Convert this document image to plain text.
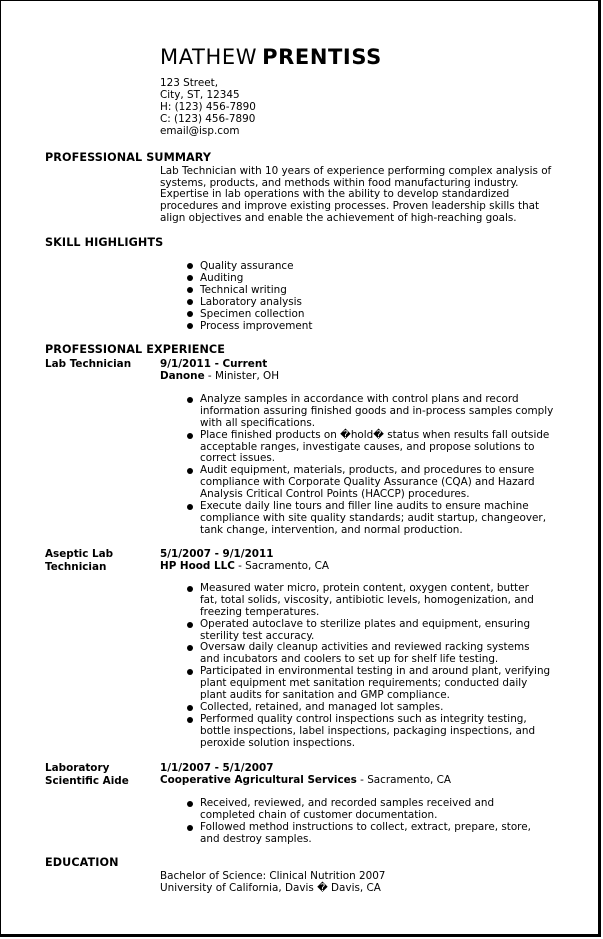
MATHEW PRENTISS
123 Street,
City, ST, 12345
H: (123) 456-7890
C: (123) 456-7890
email@isp.com
PROFESSIONAL SUMMARY
Lab Technician with 10 years of experience performing complex analysis of
systems, products, and methods within food manufacturing industry.
Expertise in lab operations with the ability to develop standardized
procedures and improve existing processes. Proven leadership skills that
align objectives and enable the achievement of high-reaching goals.
SKILL HIGHLIGHTS
Quality assurance
Auditing
Technical writing
Laboratory analysis
Specimen collection
Process improvement
PROFESSIONAL EXPERIENCE
Lab Technician	9/1/2011 - Current
Danone - Minister, OH
Analyze samples in accordance with control plans and record
information assuring finished goods and in-process samples comply
with all specifications.
Place finished products on �hold� status when results fall outside
acceptable ranges, investigate causes, and propose solutions to
correct issues.
Audit equipment, materials, products, and procedures to ensure
compliance with Corporate Quality Assurance (CQA) and Hazard
Analysis Critical Control Points (HACCP) procedures.
Execute daily line tours and filler line audits to ensure machine
compliance with site quality standards; audit startup, changeover,
tank change, intervention, and normal production.
Aseptic Lab Technician
5/1/2007 - 9/1/2011
HP Hood LLC - Sacramento, CA
Measured water micro, protein content, oxygen content, butter
fat, total solids, viscosity, antibiotic levels, homogenization, and
freezing temperatures.
Operated autoclave to sterilize plates and equipment, ensuring
sterility test accuracy.
Oversaw daily cleanup activities and reviewed racking systems
and incubators and coolers to set up for shelf life testing.
Participated in environmental testing in and around plant, verifying
plant equipment met sanitation requirements; conducted daily
plant audits for sanitation and GMP compliance.
Collected, retained, and managed lot samples.
Performed quality control inspections such as integrity testing,
bottle inspections, label inspections, packaging inspections, and
peroxide solution inspections.
Laboratory Scientific Aide
1/1/2007 - 5/1/2007
Cooperative Agricultural Services - Sacramento, CA
Received, reviewed, and recorded samples received and
completed chain of customer documentation.
Followed method instructions to collect, extract, prepare, store,
and destroy samples.
EDUCATION
Bachelor of Science: Clinical Nutrition 2007
University of California, Davis � Davis, CA
